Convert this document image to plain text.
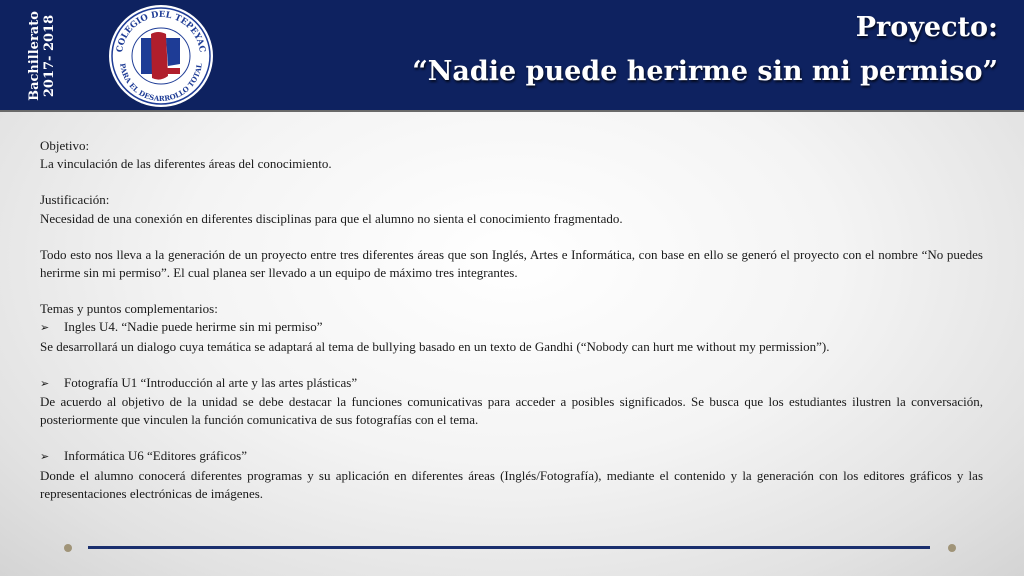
Bachillerato 2017- 2018	COLEGIO DEL TEPEYAC
PARA EL DESARROLLO TOTAL
Proyecto:
“Nadie puede herirme sin mi permiso”

Objetivo:

La vinculación de las diferentes áreas del conocimiento.

Justificación:

Necesidad de una conexión en diferentes disciplinas para que el alumno no sienta el conocimiento fragmentado.

Todo esto nos lleva a la generación de un proyecto entre tres diferentes áreas que son Inglés, Artes e Informática, con base en ello se generó el proyecto con el nombre “No puedes herirme sin mi permiso”. El cual planea ser llevado a un equipo de máximo tres integrantes.

Temas y puntos complementarios:

➢	Ingles U4. “Nadie puede herirme sin mi permiso”

Se desarrollará un dialogo cuya temática se adaptará al tema de bullying basado en un texto de Gandhi (“Nobody can hurt me without my permission”).

➢	Fotografía U1 “Introducción al arte y las artes plásticas”

De acuerdo al objetivo de la unidad se debe destacar la funciones comunicativas para acceder a posibles significados. Se busca que los estudiantes ilustren la conversación, posteriormente que vinculen la función comunicativa de sus fotografías con el tema.

➢	Informática U6 “Editores gráficos”

Donde el alumno conocerá diferentes programas y su aplicación en diferentes áreas (Inglés/Fotografía), mediante el contenido y la generación con los editores gráficos y las representaciones electrónicas de imágenes.
